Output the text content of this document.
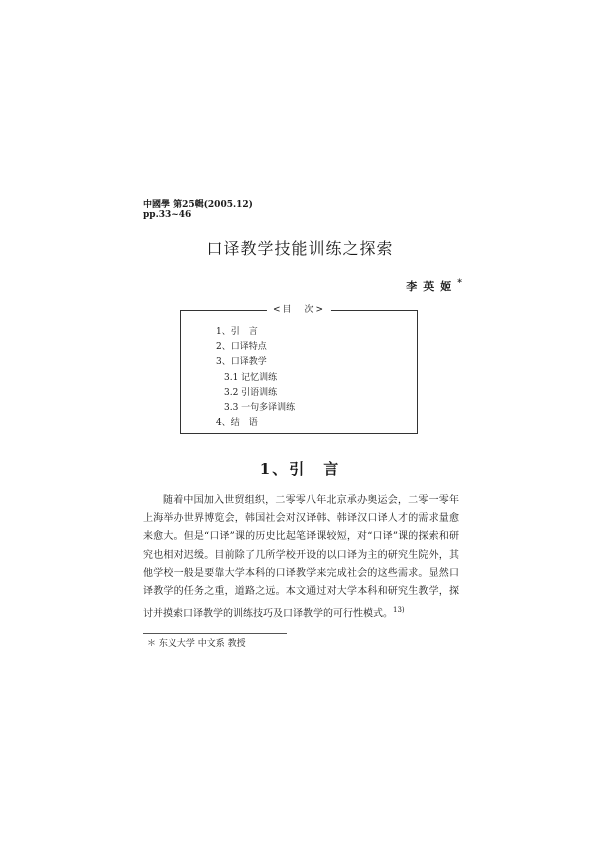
中國學 第25輯(2005.12)
pp.33~46
口译教学技能训练之探索
李英姬*
<目　次>
1、引　言
2、口译特点
3、口译教学
3.1 记忆训练
3.2 引语训练
3.3 一句多译训练
4、结　语
1、引　言

随着中国加入世贸组织，二零零八年北京承办奥运会，二零一零年上海举办世界博览会，韩国社会对汉译韩、韩译汉口译人才的需求量愈来愈大。但是“口译”课的历史比起笔译课较短，对“口译”课的探索和研究也相对迟缓。目前除了几所学校开设的以口译为主的研究生院外，其他学校一般是要靠大学本科的口译教学来完成社会的这些需求。显然口译教学的任务之重，道路之远。本文通过对大学本科和研究生教学，探讨并摸索口译教学的训练技巧及口译教学的可行性模式。$^{13)}$

＊ 东义大学 中文系 教授
